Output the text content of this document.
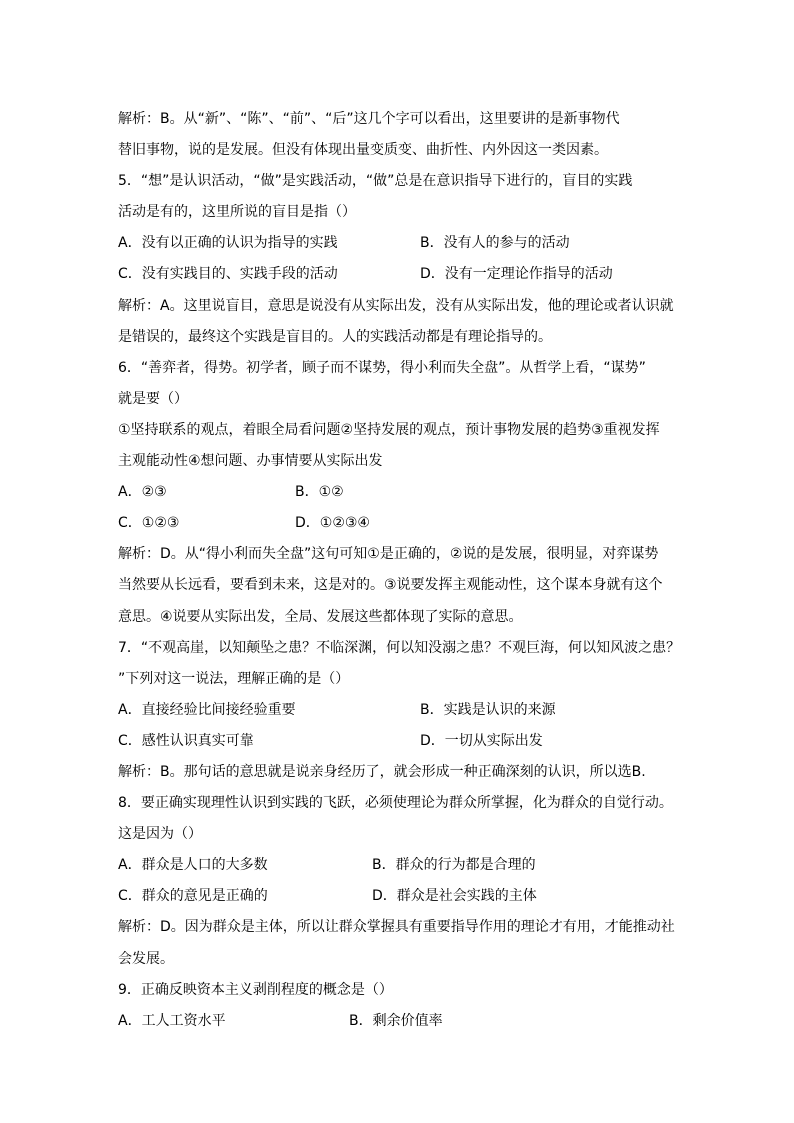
解析：B。从“新”、“陈”、“前”、“后”这几个字可以看出，这里要讲的是新事物代
替旧事物，说的是发展。但没有体现出量变质变、曲折性、内外因这一类因素。
5．“想”是认识活动，“做”是实践活动，“做”总是在意识指导下进行的，盲目的实践
活动是有的，这里所说的盲目是指（）
A．没有以正确的认识为指导的实践	B．没有人的参与的活动
C．没有实践目的、实践手段的活动	D．没有一定理论作指导的活动
解析：A。这里说盲目，意思是说没有从实际出发，没有从实际出发，他的理论或者认识就
是错误的，最终这个实践是盲目的。人的实践活动都是有理论指导的。
6．“善弈者，得势。初学者，顾子而不谋势，得小利而失全盘”。从哲学上看，“谋势”
就是要（）
①坚持联系的观点，着眼全局看问题②坚持发展的观点，预计事物发展的趋势③重视发挥
主观能动性④想问题、办事情要从实际出发
A．②③	B．①②
C．①②③	D．①②③④
解析：D。从“得小利而失全盘”这句可知①是正确的，②说的是发展，很明显，对弈谋势
当然要从长远看，要看到未来，这是对的。③说要发挥主观能动性，这个谋本身就有这个
意思。④说要从实际出发，全局、发展这些都体现了实际的意思。
7．“不观高崖，以知颠坠之患？不临深渊，何以知没溺之患？不观巨海，何以知风波之患？
”下列对这一说法，理解正确的是（）
A．直接经验比间接经验重要	B．实践是认识的来源
C．感性认识真实可靠	D．一切从实际出发
解析：B。那句话的意思就是说亲身经历了，就会形成一种正确深刻的认识，所以选B.
8．要正确实现理性认识到实践的飞跃，必须使理论为群众所掌握，化为群众的自觉行动。
这是因为（）
A．群众是人口的大多数	B．群众的行为都是合理的
C．群众的意见是正确的	D．群众是社会实践的主体
解析：D。因为群众是主体，所以让群众掌握具有重要指导作用的理论才有用，才能推动社
会发展。
9．正确反映资本主义剥削程度的概念是（）
A．工人工资水平	B．剩余价值率
